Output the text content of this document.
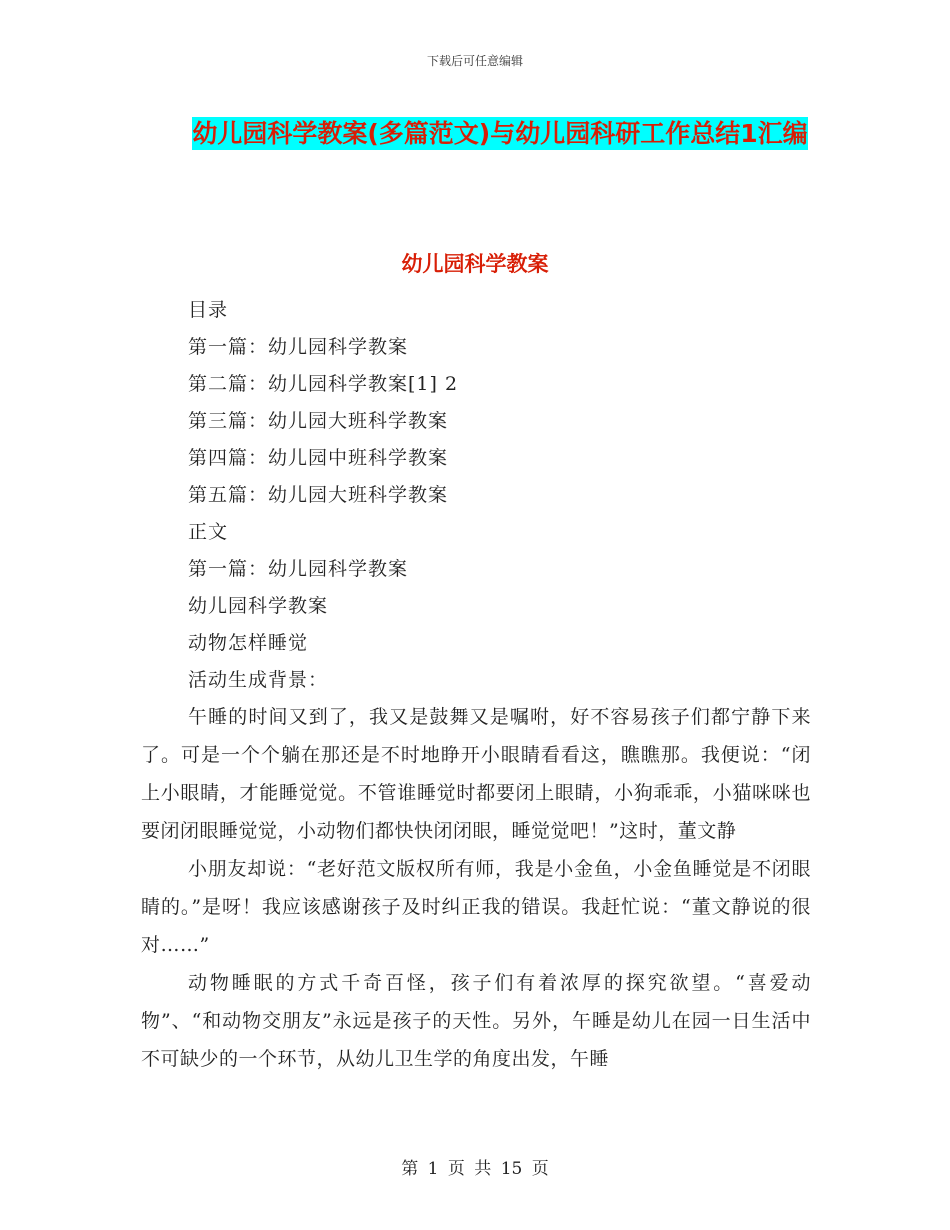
下载后可任意编辑
幼儿园科学教案(多篇范文)与幼儿园科研工作总结1汇编
幼儿园科学教案
目录
第一篇：幼儿园科学教案
第二篇：幼儿园科学教案[1] 2
第三篇：幼儿园大班科学教案
第四篇：幼儿园中班科学教案
第五篇：幼儿园大班科学教案
正文
第一篇：幼儿园科学教案
幼儿园科学教案
动物怎样睡觉
活动生成背景：

午睡的时间又到了，我又是鼓舞又是嘱咐，好不容易孩子们都宁静下来了。可是一个个躺在那还是不时地睁开小眼睛看看这，瞧瞧那。我便说：“闭上小眼睛，才能睡觉觉。不管谁睡觉时都要闭上眼睛，小狗乖乖，小猫咪咪也要闭闭眼睡觉觉，小动物们都快快闭闭眼，睡觉觉吧！”这时，董文静

小朋友却说：“老好范文版权所有师，我是小金鱼，小金鱼睡觉是不闭眼睛的。”是呀！我应该感谢孩子及时纠正我的错误。我赶忙说：“董文静说的很对……”

动物睡眠的方式千奇百怪，孩子们有着浓厚的探究欲望。“喜爱动物”、“和动物交朋友”永远是孩子的天性。另外，午睡是幼儿在园一日生活中不可缺少的一个环节，从幼儿卫生学的角度出发，午睡

第 1 页 共 15 页
